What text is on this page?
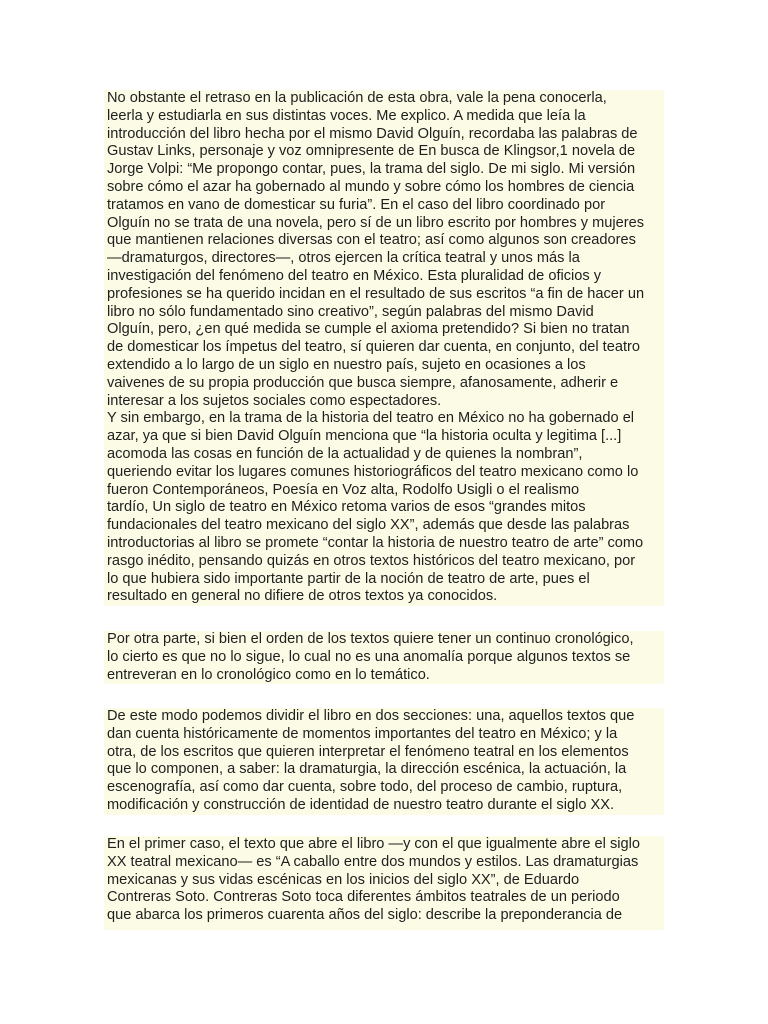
No obstante el retraso en la publicación de esta obra, vale la pena conocerla,
leerla y estudiarla en sus distintas voces. Me explico. A medida que leía la
introducción del libro hecha por el mismo David Olguín, recordaba las palabras de
Gustav Links, personaje y voz omnipresente de En busca de Klingsor,1 novela de
Jorge Volpi: “Me propongo contar, pues, la trama del siglo. De mi siglo. Mi versión
sobre cómo el azar ha gobernado al mundo y sobre cómo los hombres de ciencia
tratamos en vano de domesticar su furia”. En el caso del libro coordinado por
Olguín no se trata de una novela, pero sí de un libro escrito por hombres y mujeres
que mantienen relaciones diversas con el teatro; así como algunos son creadores
—dramaturgos, directores—, otros ejercen la crítica teatral y unos más la
investigación del fenómeno del teatro en México. Esta pluralidad de oficios y
profesiones se ha querido incidan en el resultado de sus escritos “a fin de hacer un
libro no sólo fundamentado sino creativo”, según palabras del mismo David
Olguín, pero, ¿en qué medida se cumple el axioma pretendido? Si bien no tratan
de domesticar los ímpetus del teatro, sí quieren dar cuenta, en conjunto, del teatro
extendido a lo largo de un siglo en nuestro país, sujeto en ocasiones a los
vaivenes de su propia producción que busca siempre, afanosamente, adherir e
interesar a los sujetos sociales como espectadores.
Y sin embargo, en la trama de la historia del teatro en México no ha gobernado el
azar, ya que si bien David Olguín menciona que “la historia oculta y legitima [...]
acomoda las cosas en función de la actualidad y de quienes la nombran”,
queriendo evitar los lugares comunes historiográficos del teatro mexicano como lo
fueron Contemporáneos, Poesía en Voz alta, Rodolfo Usigli o el realismo
tardío, Un siglo de teatro en México retoma varios de esos “grandes mitos
fundacionales del teatro mexicano del siglo XX”, además que desde las palabras
introductorias al libro se promete “contar la historia de nuestro teatro de arte” como
rasgo inédito, pensando quizás en otros textos históricos del teatro mexicano, por
lo que hubiera sido importante partir de la noción de teatro de arte, pues el
resultado en general no difiere de otros textos ya conocidos.

Por otra parte, si bien el orden de los textos quiere tener un continuo cronológico,
lo cierto es que no lo sigue, lo cual no es una anomalía porque algunos textos se
entreveran en lo cronológico como en lo temático.

De este modo podemos dividir el libro en dos secciones: una, aquellos textos que
dan cuenta históricamente de momentos importantes del teatro en México; y la
otra, de los escritos que quieren interpretar el fenómeno teatral en los elementos
que lo componen, a saber: la dramaturgia, la dirección escénica, la actuación, la
escenografía, así como dar cuenta, sobre todo, del proceso de cambio, ruptura,
modificación y construcción de identidad de nuestro teatro durante el siglo XX.

En el primer caso, el texto que abre el libro —y con el que igualmente abre el siglo
XX teatral mexicano— es “A caballo entre dos mundos y estilos. Las dramaturgias
mexicanas y sus vidas escénicas en los inicios del siglo XX”, de Eduardo
Contreras Soto. Contreras Soto toca diferentes ámbitos teatrales de un periodo
que abarca los primeros cuarenta años del siglo: describe la preponderancia de
